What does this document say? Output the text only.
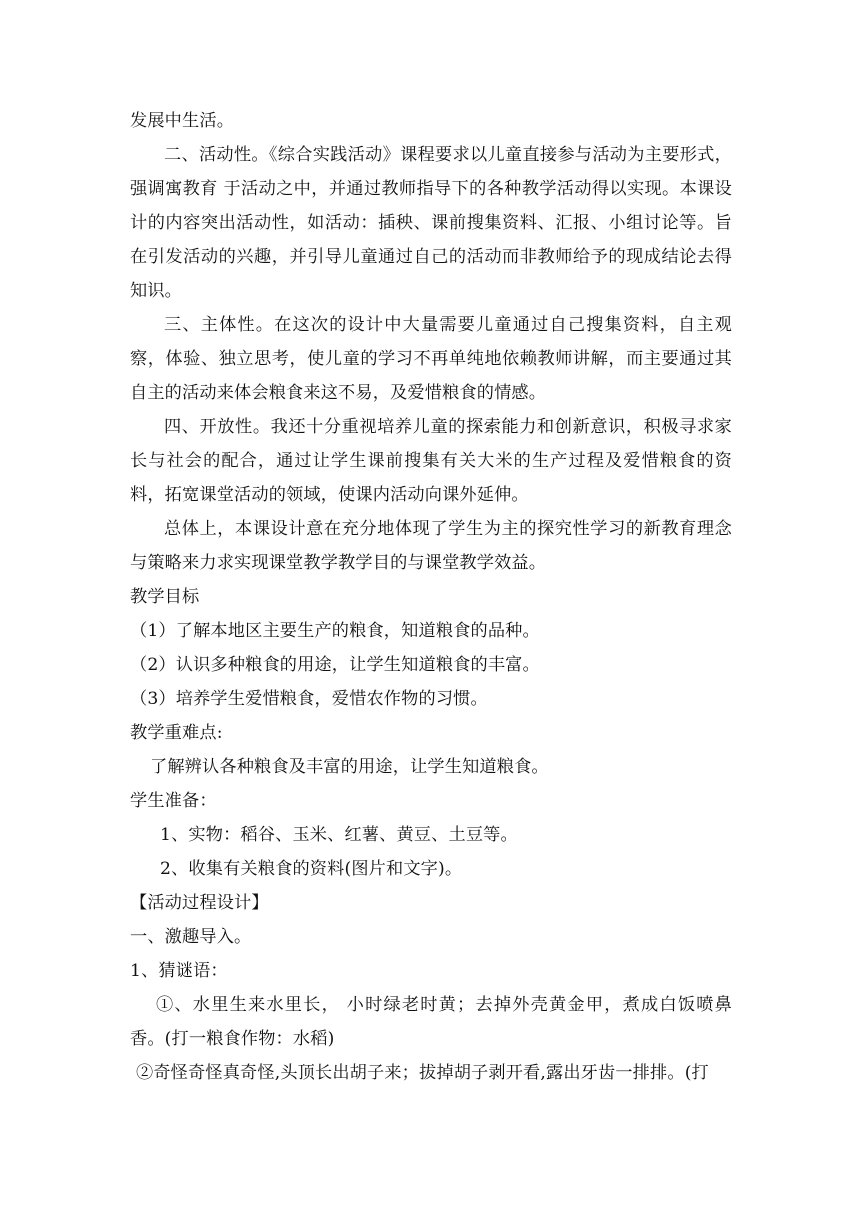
发展中生活。

二、活动性。《综合实践活动》课程要求以儿童直接参与活动为主要形式，强调寓教育 于活动之中，并通过教师指导下的各种教学活动得以实现。本课设计的内容突出活动性，如活动：插秧、课前搜集资料、汇报、小组讨论等。旨在引发活动的兴趣，并引导儿童通过自己的活动而非教师给予的现成结论去得知识。

三、主体性。在这次的设计中大量需要儿童通过自己搜集资料，自主观察，体验、独立思考，使儿童的学习不再单纯地依赖教师讲解，而主要通过其自主的活动来体会粮食来这不易，及爱惜粮食的情感。

四、开放性。我还十分重视培养儿童的探索能力和创新意识，积极寻求家长与社会的配合，通过让学生课前搜集有关大米的生产过程及爱惜粮食的资料，拓宽课堂活动的领域，使课内活动向课外延伸。

总体上，本课设计意在充分地体现了学生为主的探究性学习的新教育理念与策略来力求实现课堂教学教学目的与课堂教学效益。

教学目标

（1）了解本地区主要生产的粮食，知道粮食的品种。

（2）认识多种粮食的用途，让学生知道粮食的丰富。

（3）培养学生爱惜粮食，爱惜农作物的习惯。

教学重难点:

了解辨认各种粮食及丰富的用途，让学生知道粮食。

学生准备：

1、实物：稻谷、玉米、红薯、黄豆、土豆等。

2、收集有关粮食的资料(图片和文字)。

【活动过程设计】

一、激趣导入。

1、猜谜语：

①、水里生来水里长， 小时绿老时黄；去掉外壳黄金甲，煮成白饭喷鼻香。(打一粮食作物：水稻)

②奇怪奇怪真奇怪,头顶长出胡子来；拔掉胡子剥开看,露出牙齿一排排。(打
